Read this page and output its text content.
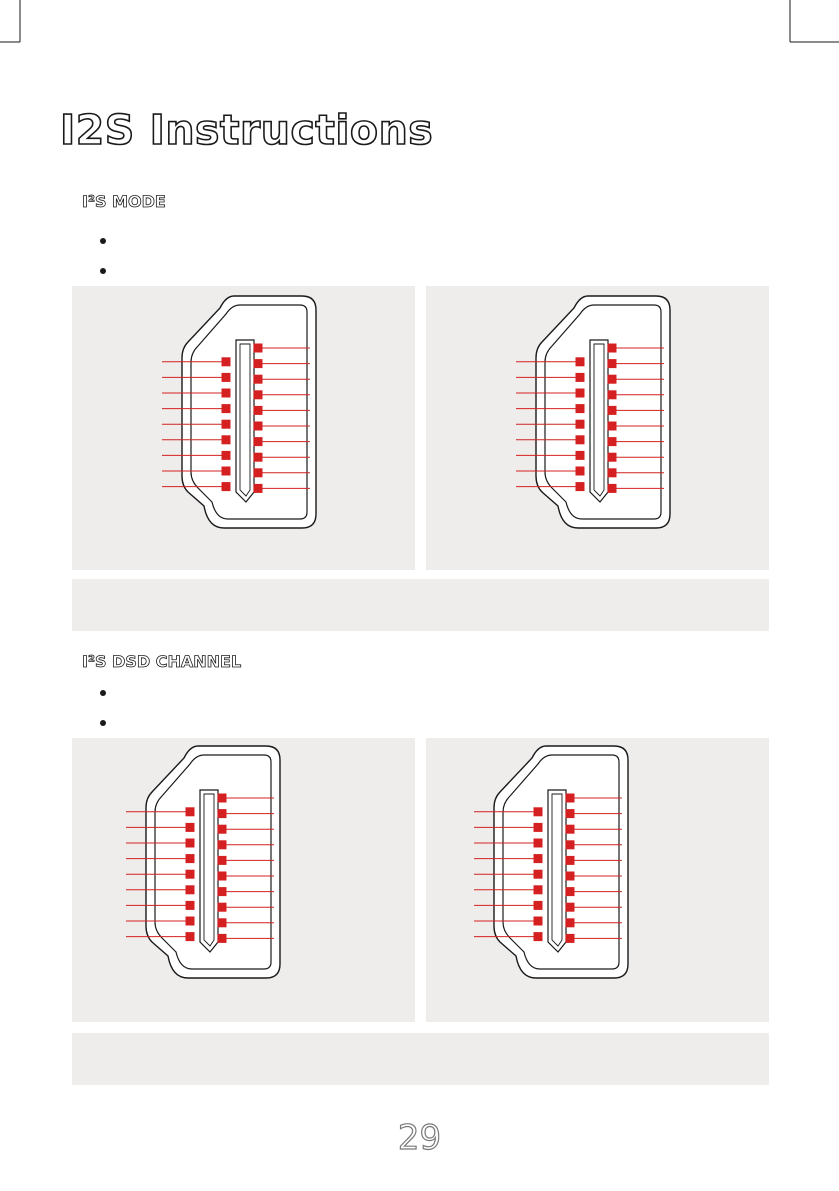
I2S Instructions
I²S MODE
I²S DSD CHANNEL
29
